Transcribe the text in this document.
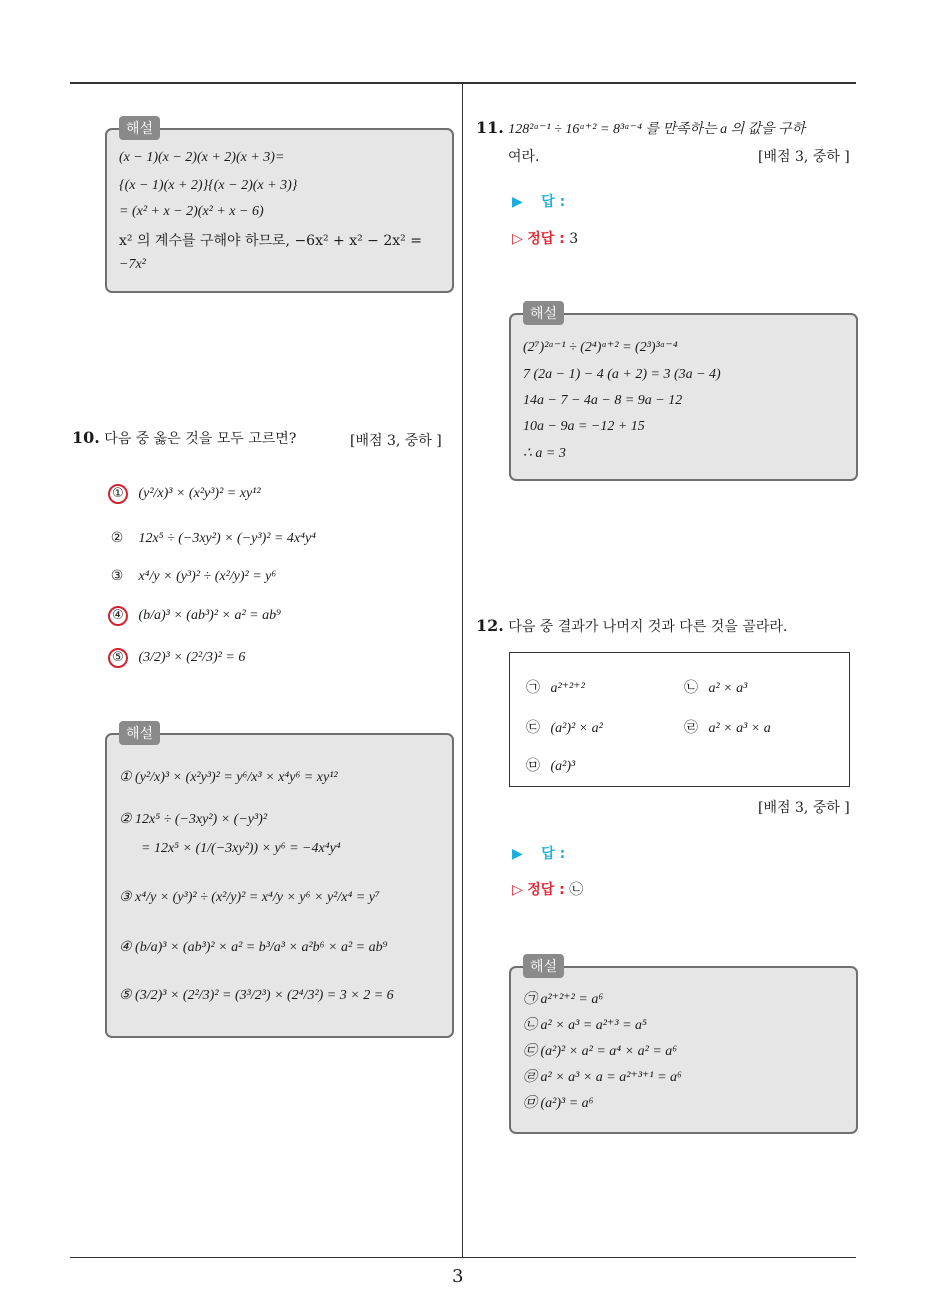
3
해설
(x − 1)(x − 2)(x + 2)(x + 3)=
{(x − 1)(x + 2)}{(x − 2)(x + 3)}
= (x² + x − 2)(x² + x − 6)
x² 의 계수를 구해야 하므로, −6x² + x² − 2x² =
−7x²
10. 다음 중 옳은 것을 모두 고르면?	[배점 3, 중하 ]
① (y²/x)³ × (x²y³)² = xy¹²
② 12x⁵ ÷ (−3xy²) × (−y³)² = 4x⁴y⁴
③ x⁴/y × (y³)² ÷ (x²/y)² = y⁶
④ (b/a)³ × (ab³)² × a² = ab⁹
⑤ (3/2)³ × (2²/3)² = 6
해설
① (y²/x)³ × (x²y³)² = y⁶/x³ × x⁴y⁶ = xy¹²
② 12x⁵ ÷ (−3xy²) × (−y³)²
= 12x⁵ × (1/(−3xy²)) × y⁶ = −4x⁴y⁴
③ x⁴/y × (y³)² ÷ (x²/y)² = x⁴/y × y⁶ × y²/x⁴ = y⁷
④ (b/a)³ × (ab³)² × a² = b³/a³ × a²b⁶ × a² = ab⁹
⑤ (3/2)³ × (2²/3)² = (3³/2³) × (2⁴/3²) = 3 × 2 = 6
11. 128²ᵃ⁻¹ ÷ 16ᵃ⁺² = 8³ᵃ⁻⁴ 를 만족하는 a 의 값을 구하
여라.	[배점 3, 중하 ]
▶ 답 :
▷ 정답 : 3
해설
(2⁷)²ᵃ⁻¹ ÷ (2⁴)ᵃ⁺² = (2³)³ᵃ⁻⁴
7 (2a − 1) − 4 (a + 2) = 3 (3a − 4)
14a − 7 − 4a − 8 = 9a − 12
10a − 9a = −12 + 15
∴ a = 3
12. 다음 중 결과가 나머지 것과 다른 것을 골라라.
㉠ a²⁺²⁺²	㉡ a² × a³
㉢ (a²)² × a²	㉣ a² × a³ × a
㉤ (a²)³
[배점 3, 중하 ]
▶ 답 :
▷ 정답 : ㉡
해설
㉠ a²⁺²⁺² = a⁶
㉡ a² × a³ = a²⁺³ = a⁵
㉢ (a²)² × a² = a⁴ × a² = a⁶
㉣ a² × a³ × a = a²⁺³⁺¹ = a⁶
㉤ (a²)³ = a⁶
